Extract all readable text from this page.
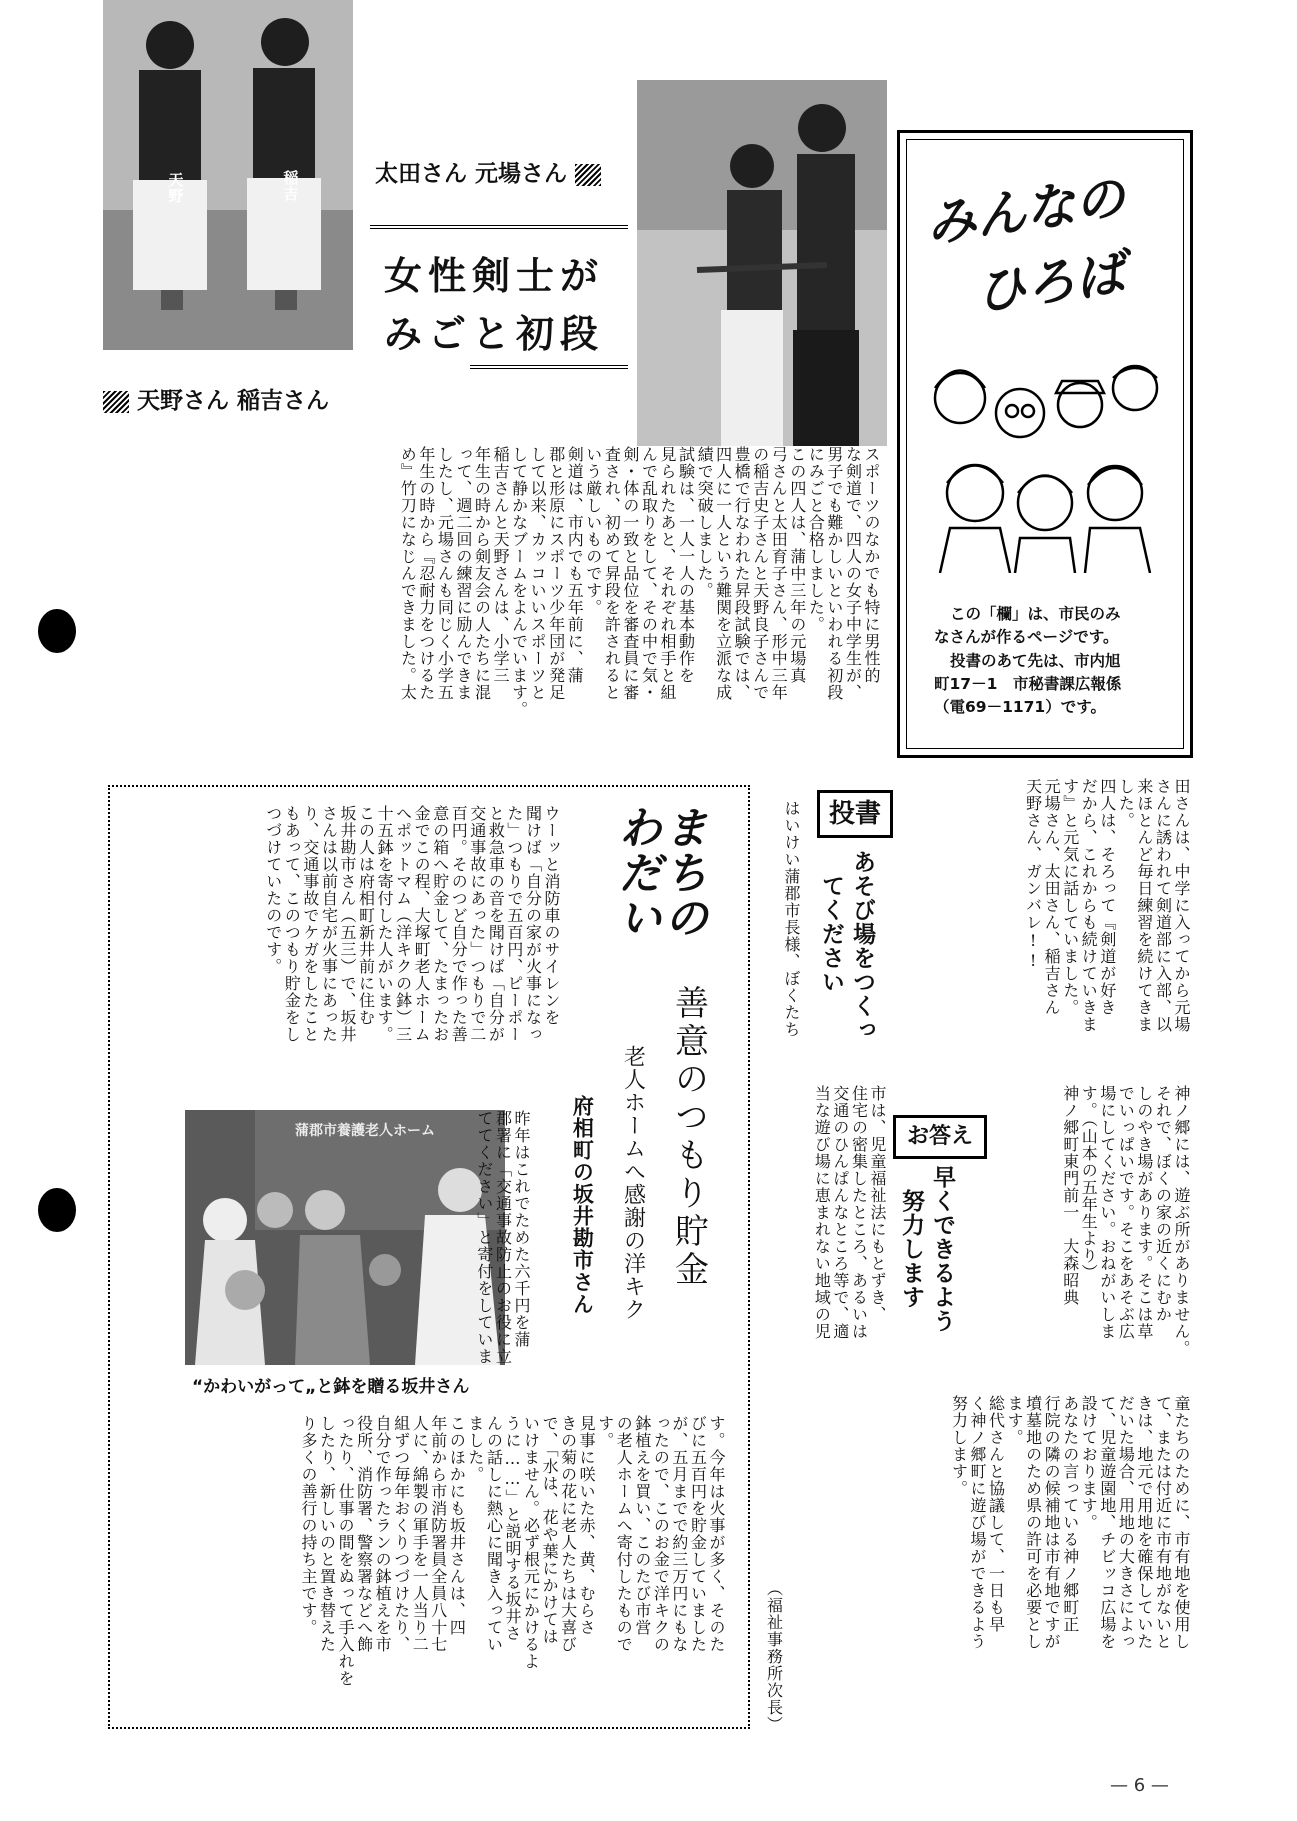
天野	稲吉
天野さん 稲吉さん
太田さん 元場さん
女性剣士が
みごと初段
みんなの
ひろば
この「欄」は、市民のみ
なさんが作るページです。
投書のあて先は、市内旭
町17－1　市秘書課広報係
（電69－1171）です。
スポーツのなかでも特に男性的
な剣道で、四人の女子中学生が、
男子でも難かしいといわれる初段
にみごと合格しました。
この四人は、蒲中三年の元場真
弓さんと太田育子さん、形中三年
の稲吉史子さんと天野良子さんで
豊橋で行なわれた昇段試験では、
四人に一人という難関を立派な成
績で突破しました。
試験は、一人一人の基本動作を
見られたあと、それぞれ相手と組
んで乱取りをして、その中で気・
剣・体の一致と品位を審査員に審
査され、初めて昇段を許されると
いう厳しいものです。
剣道は、市内でも五年前に、蒲
郡と形原にスポーツ少年団が発足
して以来、カッコいいスポーツと
して静かなブームをよんでいます。
稲吉さんと天野さんは、小学三
年生の時から剣友会の人たちに混
って、週二回の練習に励んできま
したし、元場さんも同じく小学五
年生の時から『忍耐力をつけるた
め』竹刀になじんできました。太
田さんは、中学に入ってから元場
さんに誘われて剣道部に入部、以
来ほとんど毎日練習を続けてきま
した。
四人は、そろって『剣道が好き
だから、これからも続けていきま
す』と元気に話していました。
元場さん、太田さん、稲吉さん
天野さん、ガンバレ!!
投書
あそび場をつくっ
てください
はいけい蒲郡市長様、ぼくたち
神ノ郷には、遊ぶ所がありません。
それで、ぼくの家の近くにむか
しのやき場があります。そこは草
でいっぱいです。そこをあそぶ広
場にしてください。おねがいしま
す。（山本の五年生より）
神ノ郷町東門前一　大森昭典
お答え
早くできるよう
努力します
市は、児童福祉法にもとずき、
住宅の密集したところ、あるいは
交通のひんぱんなところ等で、適
当な遊び場に恵まれない地域の児
童たちのために、市有地を使用し
て、または付近に市有地がないと
きは、地元で用地を確保していた
だいた場合、用地の大きさによっ
て、児童遊園地、チビッコ広場を
設けております。
あなたの言っている神ノ郷町正
行院の隣の候補地は市有地ですが
墳墓地のため県の許可を必要とし
ます。
総代さんと協議して、一日も早
く神ノ郷町に遊び場ができるよう
努力します。
（福祉事務所次長）
まちの
わだい
善意のつもり貯金
老人ホームへ感謝の洋キク
府相町の坂井勘市さん
ウーッと消防車のサイレンを
聞けば「自分の家が火事になっ
た」つもりで五百円、ピーポー
と救急車の音を聞けば「自分が
交通事故にあった」つもりで二
百円。そのつど自分で作った善
意の箱へ貯金して、たまったお
金でこの程、大塚町老人ホーム
へポットマム（洋キクの鉢）三
十五鉢を寄付した人がいます。
この人は府相町新井前に住む
坂井勘市さん（五三）で、坂井
さんは以前自宅が火事にあった
り、交通事故でケガをしたこと
もあって、このつもり貯金をし
つづけていたのです。
蒲郡市養護老人ホーム
“かわいがって„と鉢を贈る坂井さん
昨年はこれでためた六千円を蒲
郡署に「交通事故防止のお役に立
ててください」と寄付をしていま
す。今年は火事が多く、そのた
びに五百円を貯金していました
が、五月までで約三万円にもな
ったので、このお金で洋キクの
鉢植えを買い、このたび市営
の老人ホームへ寄付したもので
す。
見事に咲いた赤、黄、むらさ
きの菊の花に老人たちは大喜び
で、「水は、花や葉にかけては
いけません。必ず根元にかけるよ
うに……」と説明する坂井さ
んの話しに熱心に聞き入ってい
ました。
このほかにも坂井さんは、四
年前から市消防署員全員八十七
人に、綿製の軍手を一人当り二
組ずつ毎年おくりつづけたり、
自分で作ったランの鉢植えを市
役所、消防署、警察署などへ飾
ったり、仕事の間をぬって手入れを
したり、新しいのと置き替えた
り多くの善行の持ち主です。
— 6 —
